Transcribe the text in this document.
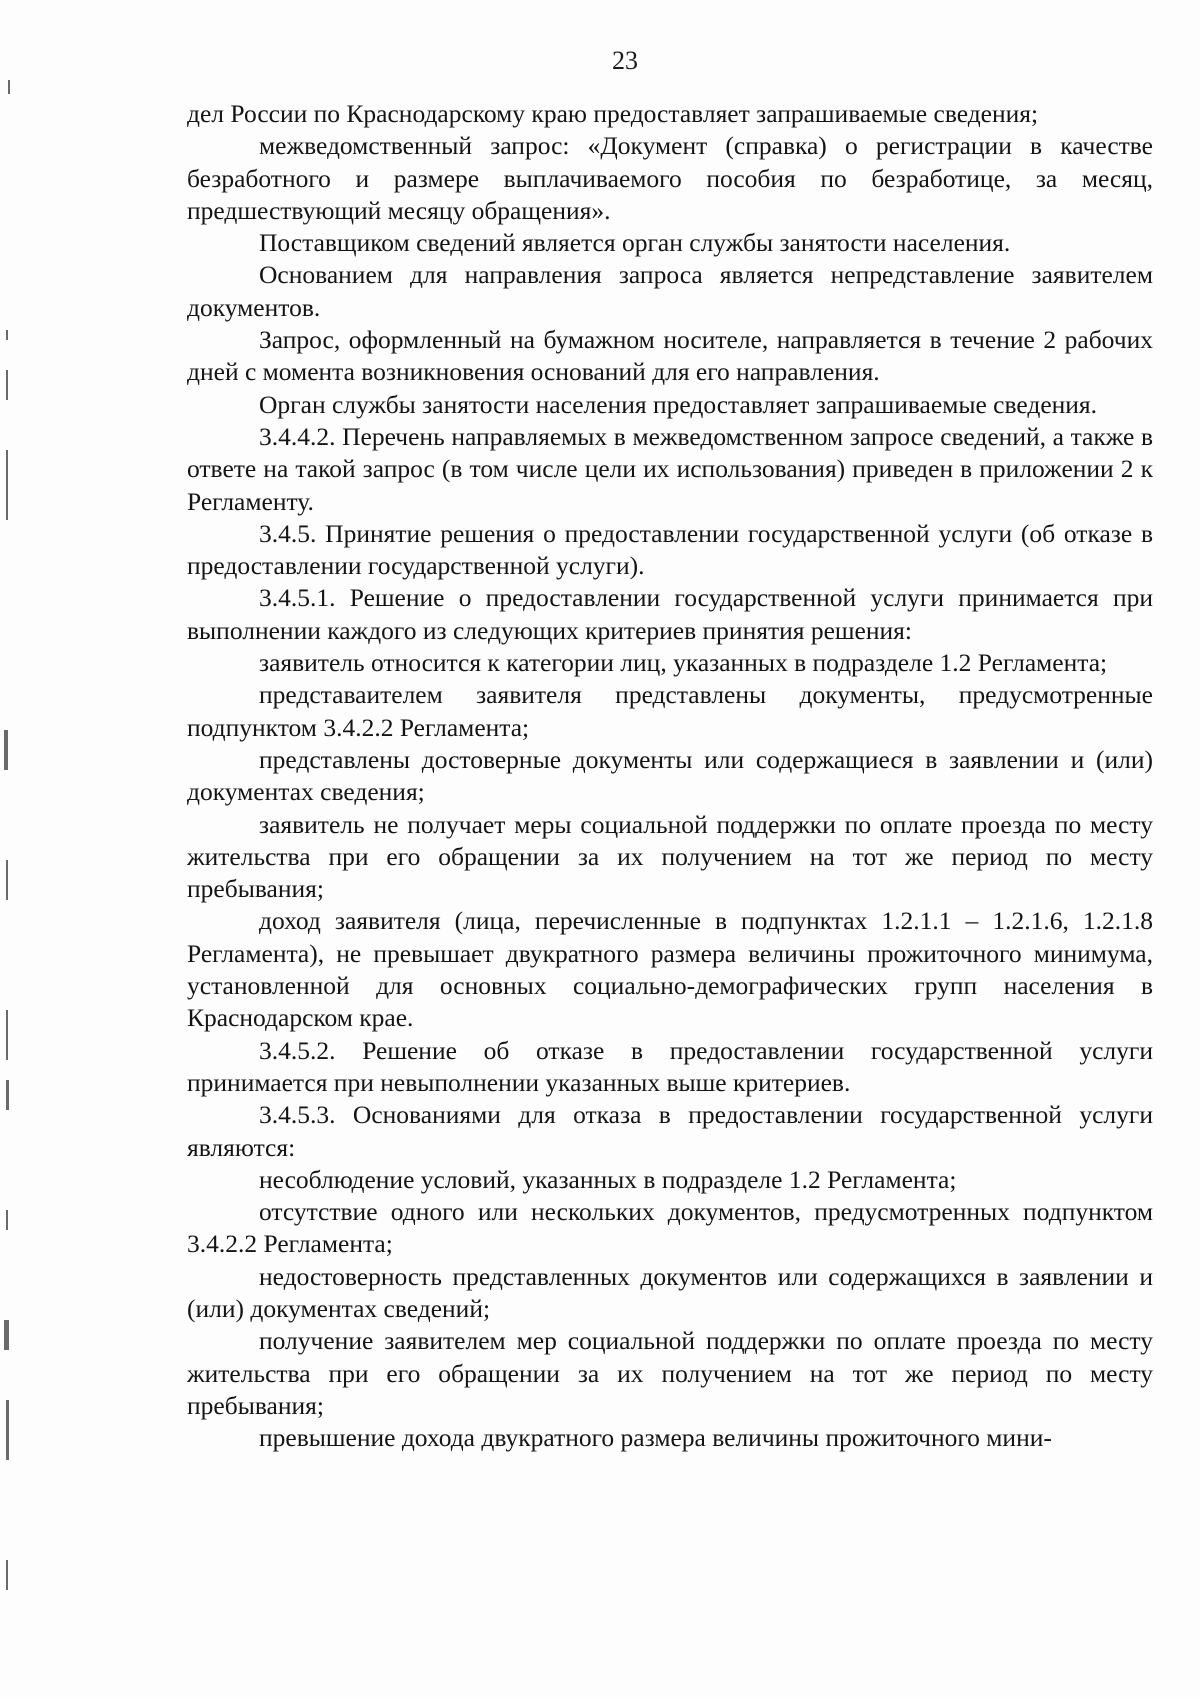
23

дел России по Краснодарскому краю предоставляет запрашиваемые сведения;

межведомственный запрос: «Документ (справка) о регистрации в качестве безработного и размере выплачиваемого пособия по безработице, за месяц, предшествующий месяцу обращения».

Поставщиком сведений является орган службы занятости населения.

Основанием для направления запроса является непредставление заявителем документов.

Запрос, оформленный на бумажном носителе, направляется в течение 2 рабочих дней с момента возникновения оснований для его направления.

Орган службы занятости населения предоставляет запрашиваемые сведения.

3.4.4.2. Перечень направляемых в межведомственном запросе сведений, а также в ответе на такой запрос (в том числе цели их использования) приведен в приложении 2 к Регламенту.

3.4.5. Принятие решения о предоставлении государственной услуги (об отказе в предоставлении государственной услуги).

3.4.5.1. Решение о предоставлении государственной услуги принимается при выполнении каждого из следующих критериев принятия решения:

заявитель относится к категории лиц, указанных в подразделе 1.2 Регламента;

представаителем заявителя представлены документы, предусмотренные подпунктом 3.4.2.2 Регламента;

представлены достоверные документы или содержащиеся в заявлении и (или) документах сведения;

заявитель не получает меры социальной поддержки по оплате проезда по месту жительства при его обращении за их получением на тот же период по месту пребывания;

доход заявителя (лица, перечисленные в подпунктах 1.2.1.1 – 1.2.1.6, 1.2.1.8 Регламента), не превышает двукратного размера величины прожиточного минимума, установленной для основных социально-демографических групп населения в Краснодарском крае.

3.4.5.2. Решение об отказе в предоставлении государственной услуги принимается при невыполнении указанных выше критериев.

3.4.5.3. Основаниями для отказа в предоставлении государственной услуги являются:

несоблюдение условий, указанных в подразделе 1.2 Регламента;

отсутствие одного или нескольких документов, предусмотренных подпунктом 3.4.2.2 Регламента;

недостоверность представленных документов или содержащихся в заявлении и (или) документах сведений;

получение заявителем мер социальной поддержки по оплате проезда по месту жительства при его обращении за их получением на тот же период по месту пребывания;

превышение дохода двукратного размера величины прожиточного мини-
